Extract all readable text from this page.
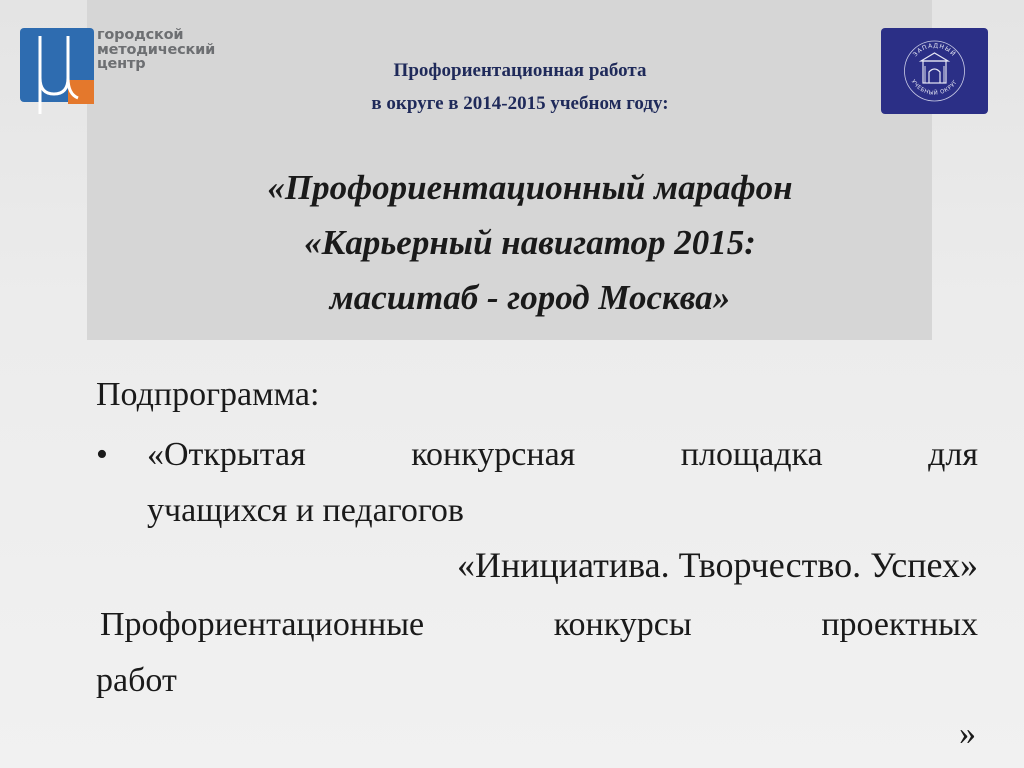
городской
методический
центр
ЗАПАДНЫЙ
УЧЕБНЫЙ ОКРУГ
Профориентационная работа
в округе в 2014-2015 учебном году:
«Профориентационный марафон
«Карьерный навигатор 2015:
масштаб - город Москва»
Подпрограмма:
• «Открытая конкурсная площадка для
учащихся и педагогов
«Инициатива. Творчество. Успех»
Профориентационные конкурсы проектных
работ
»
